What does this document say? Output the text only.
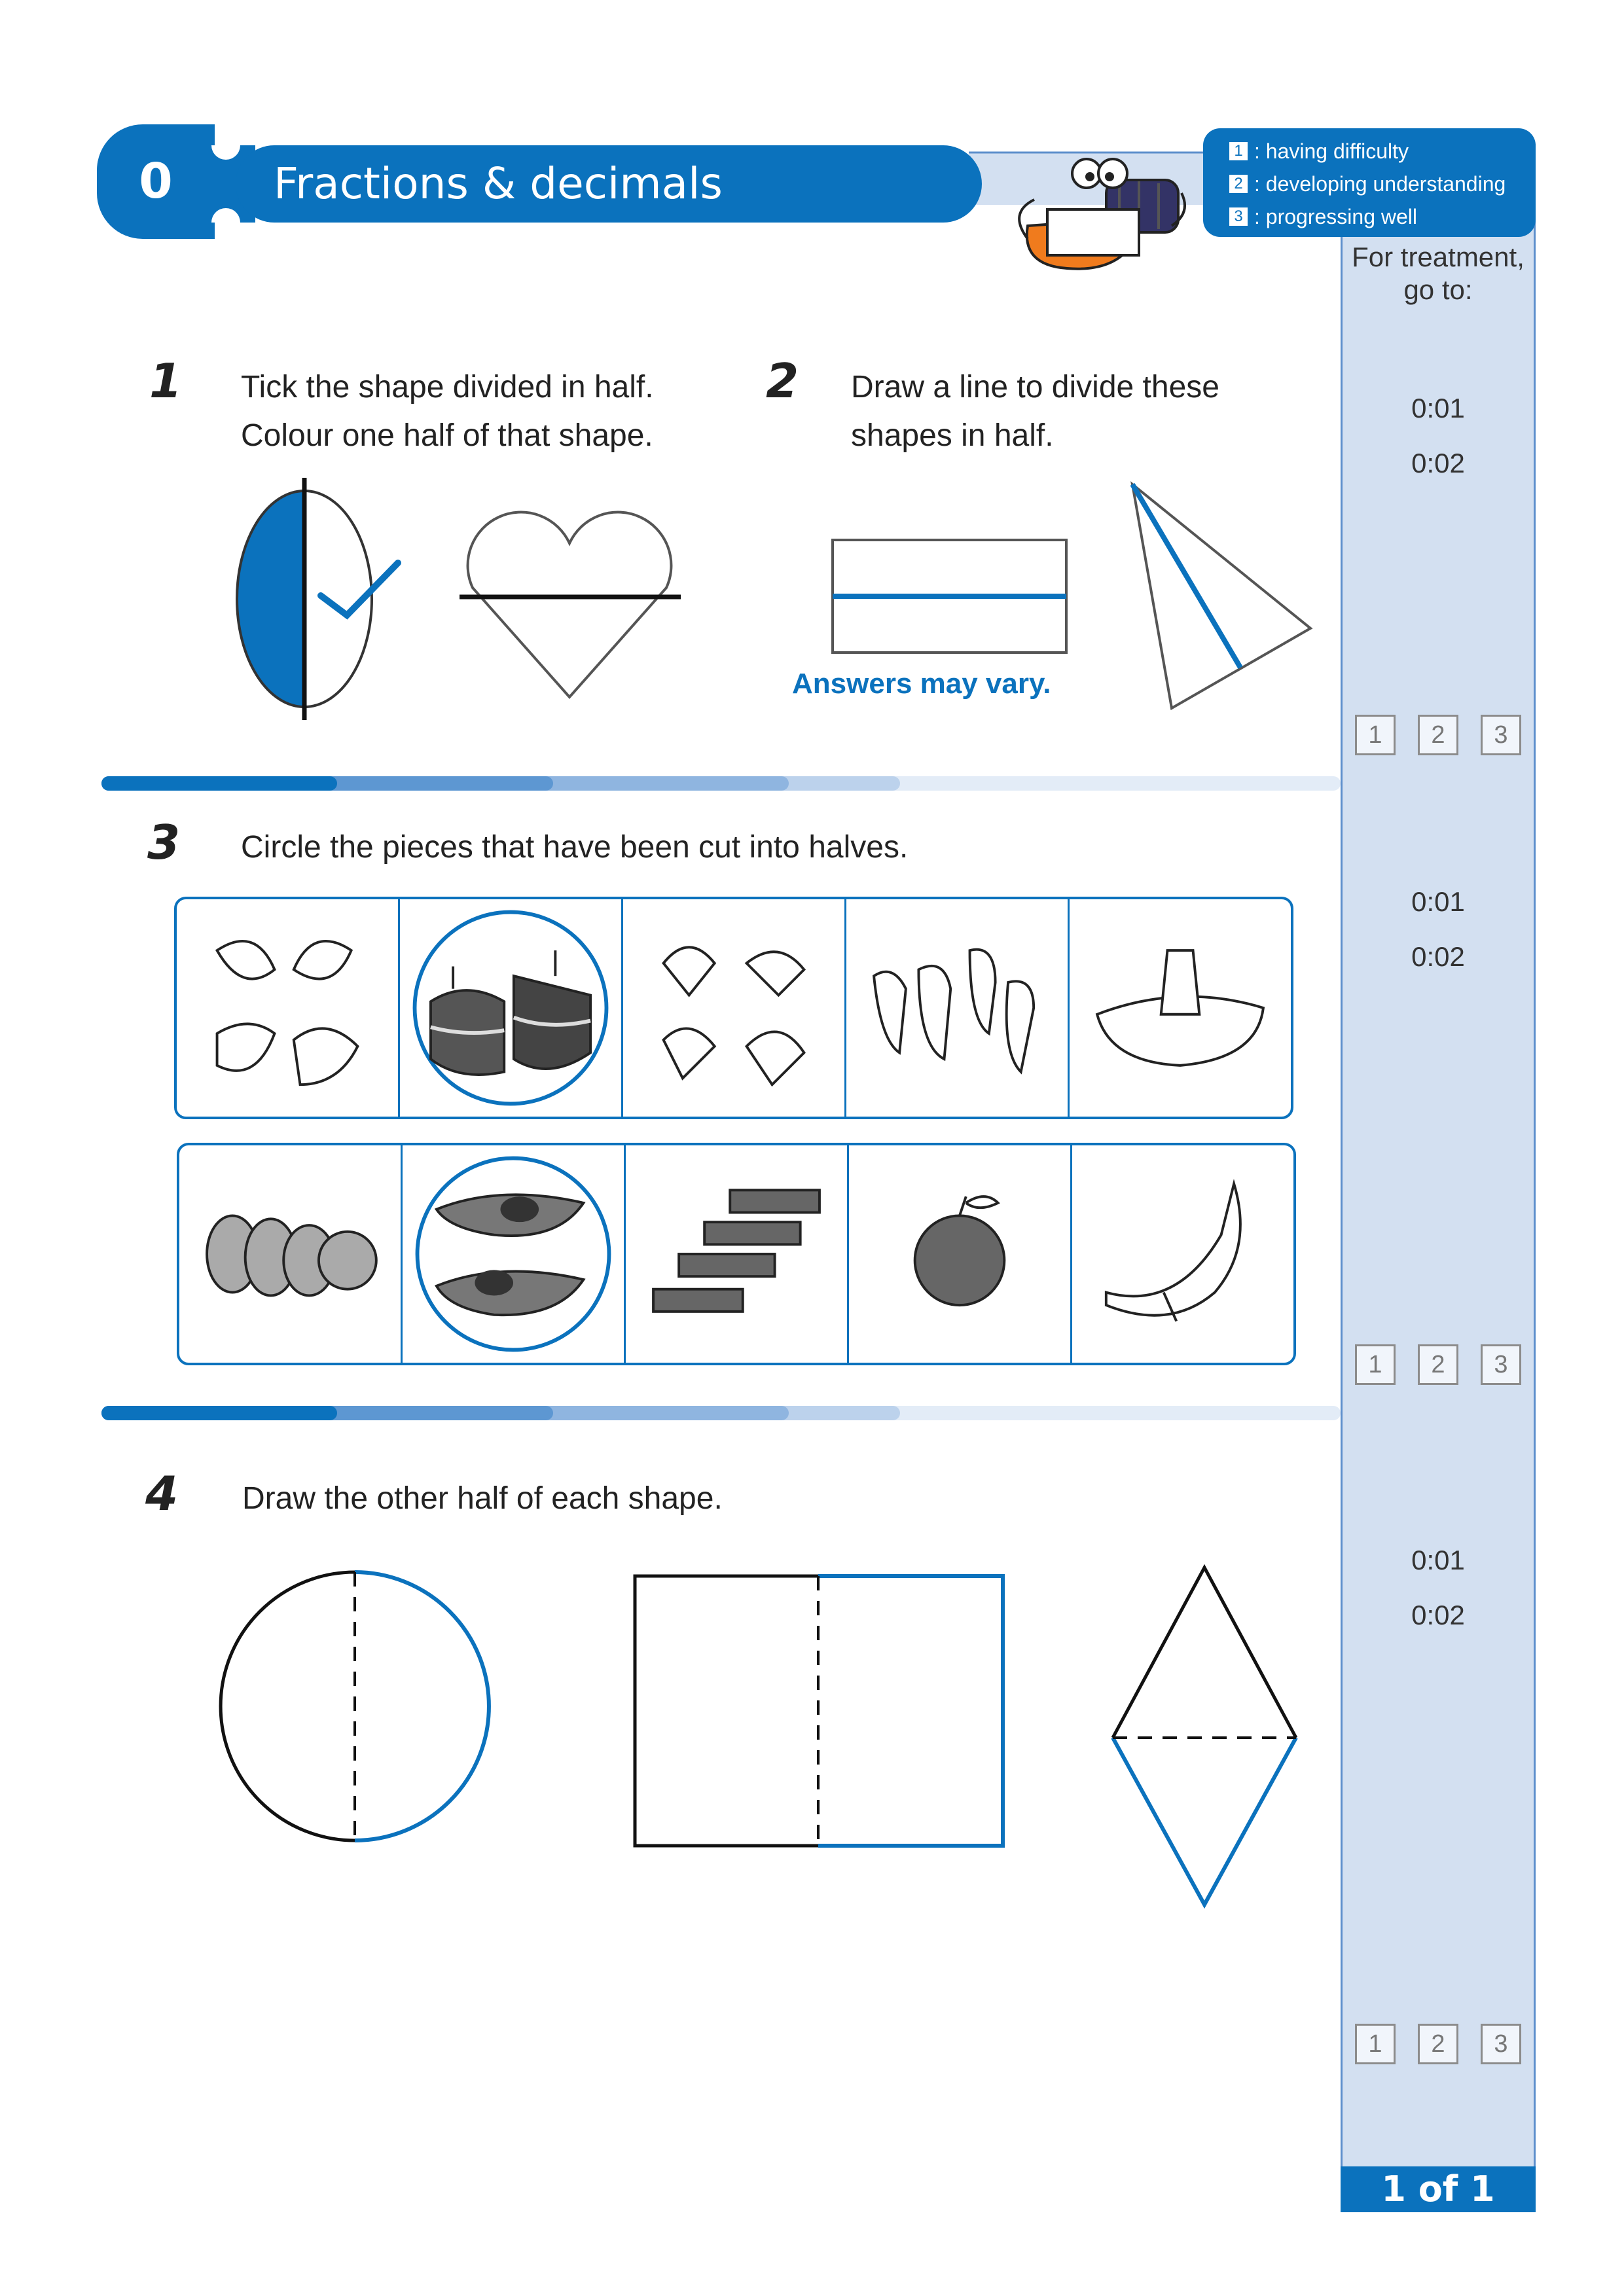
0	Fractions & decimals assessment
1 : having difficulty
2 : developing understanding
3 : progressing well
For treatment,
go to:
0:01
0:02
1	2	3
0:01
0:02
1	2	3
0:01
0:02
1	2	3
1 of 1
1 Tick the shape divided in half.
Colour one half of that shape.
2 Draw a line to divide these
shapes in half.
Answers may vary.
3 Circle the pieces that have been cut into halves.
4 Draw the other half of each shape.
